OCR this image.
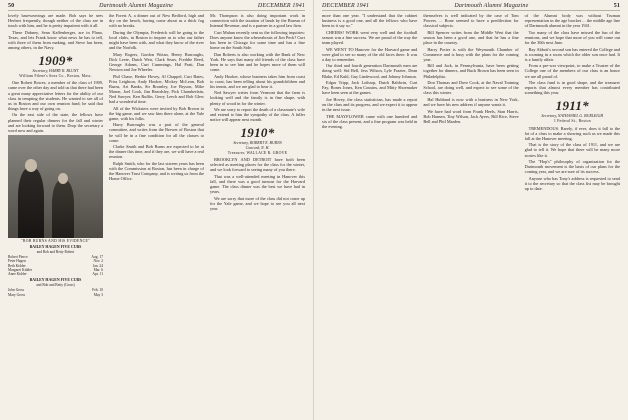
50	Dartmouth Alumni Magazine	DECEMBER 1941

lovely baseweavings are made. Bob says he sees Herbert frequently, though neither of the class are in touch with him, and he is pretty impatient with it all.

These Dabney, Sean Kaffenberger, are in Plano, Texas, and lets Frank know what news he has to tell, with three of them from making, and Steve has been, among others, in the Navy.

1909*
Secretary, HARRY R. BLUNT
William Filene's Sons Co., Boston, Mass.

One Robert Bowes, a member of the class of 1909, came over the other day and told us that there had been a great many appreciative letters for the ability of our class in tempting the students. He wanted to see all of us in Boston and our own reunion fund; he said that things have a way of going on.

On the east side of the state, the fellows have planned their regular dinners for the fall and winter and are looking forward to them. Drop the secretary a word now and again.

"BOB BURNS AND HIS EVIDENCE"
BAILEY HAGEN FIVE CUBS
and Bob and Betty Robert
Robert Pierce	Aug. 17
Peter Hagen	Nov. 2
Beth Kidder	Jan. 24
Margaret Kidder	Mar. 6
Anne Kidder	Apr. 11
BAILEY HAGEN FIVE CUBS
and Bob and Betty (Gross)
John Gross	Feb. 10
Mary Gross	May 3

the Forest A, a dinner out of New Bedford, high and dry on the beach, having come about as a thick fog with no breaks.

During the Olympia, Frederick will be going to the local clubs, in Boston to inquire as to who our father might have been with, and what they know of the river and the Norfolk.

Mary Rogers, Gordon Wotan, Henry Burroughs, Dick Leete, Dutch Weir, Clark Sears, Freddie Reed, George Adams, Curt Cummings, Hal Pratt, Dan Newton and Joe Wheeler.

Phil Chase, Herbie Hovey, Al Chappel, Curt Bates, Priss Leighton, Andy Hooker, Mickey McLean, Bob Burns, Art Banks, Sir Bromley, Joe Bryson, Mike Maron, Joel Cook, Jim Beardsley, Pick Chamberlain, Ned Sawyer, Ken Ruffin, Gerry Leech and Bob Glew had a wonderful time.

All of the Wicksters were invited by Bob Brown to the big game, and we saw him there alone, at the Yale game, with his folks.

Harry Burroughs was a part of the general committee, and writes from the Brewer of Boston that he will be in a fine condition for all the classes to come.

Clarke Smith and Bob Burns are expected to be at the dinner this time, and if they are, we will have a real reunion.

Ralph Smith, who for the last sixteen years has been with the Commission at Boston, has been in charge of the Hanover Trust Company, and is writing us from the Home Office.

Mr. Thompson is also doing important work in connection with the taxation of lands by the Bureau of Internal Revenue, and is a partner in a good law firm.

Curt Mahan recently sent us the following inquiries: Does anyone know the whereabouts of Jim Peck? Curt has been in Chicago for some time and has a fine home on the South Side.

Dan Roberts is also working with the Bank of New York. He says that many old friends of the class have been in to see him and he hopes more of them will come.

Andy Hooker, whose business takes him from coast to coast, has been telling about his grandchildren and his tennis, and we are glad to hear it.

Ned Sawyer writes from Vermont that the farm is looking well and the family is in fine shape, with plenty of wood in for the winter.

We are sorry to report the death of a classmate's wife and extend to him the sympathy of the class. A fuller notice will appear next month.

1910*
Secretary, ROBERT E. BURNS
Concord, N. H.
Treasurer, WALLACE R. GROVE

BROOKLYN AND DETROIT have both been selected as meeting places for the class for the winter, and we look forward to seeing many of you there.

That was a well-attended meeting in Hanover this fall, and there was a good turnout for the Harvard game. The class dinner was the best we have had in years.

We are sorry that more of the class did not come up for the Yale game, and we hope to see you all next year.

DECEMBER 1941	Dartmouth Alumni Magazine	51

more than one year. "I understand that the cabinet business is a good one, and all the fellows who have been in it say so."

CHEERS! WORK went very well and the football season was a fine success. We are proud of the way the team played.

WE WENT TO Hanover for the Harvard game and were glad to see so many of the old faces there. It was a day to remember.

Our third and fourth generation Dartmouth men are doing well: Sid Bell, Jess Wilson, Lyle Frazier, Dean Blake, Ed Kuhl, Guy Lindewood, and Johnny Johnson.

Edgar Tripp, Jack Lothrop, Dutch Baldwin, Curt Fay, Bones Jones, Ken Cousins, and Mitty Shoemaker have been seen at the games.

Joe Hovey, the class statistician, has made a report on the class and its progress, and we expect it to appear in the next issue.

THE MAYFLOWER came with one hundred and six of the class present, and a fine program was held in the evening.

themselves is well indicated by the case of Tom Powers. ... Bone seemed to have a predilection for classical subjects.

Bill Spencer writes from the Middle West that the season has been a good one, and that he has a fine place in the country.

Harry Porter is with the Weymouth Chamber of Commerce and is busy with the plans for the coming year.

Bill and Jack, in Pennsylvania, have been getting together for dinners, and Buck Brown has been seen in Philadelphia.

Don Thomas and Dave Cook, at the Naval Training School, are doing well, and expect to see some of the class this winter.

Hal Hubbard is now with a business in New York, and we have his new address if anyone wants it.

We have had word from Frank Heels, Stan Harris, Bob Hansen, Tiny Wilson, Jack Ayers, Bill Rice, Steve Bell and Phil Marden.

of the Alumni body was without Truman representation in the age bracket ... the middle age line of Dartmouth alumni in the year 1941.

Too many of the class have missed the fun of the reunions, and we hope that more of you will come out for the 30th next June.

Ray Abbott's second son has entered the College and is rooming in a room which the older son once had. It is a family affair.

From a pre-war viewpoint, to make a Trustee of the College one of the members of our class is an honor we are all proud of.

The class fund is in good shape, and the treasurer reports that almost every member has contributed something this year.

1911*
Secretary, NATHANIEL G. BURLEIGH
1 Federal St., Boston

TREMENDOUS. Rarely, if ever, does it fall to the lot of a class to make a showing such as we made this fall at the Hanover meeting.

That is the story of the class of 1911, and we are glad to tell it. We hope that there will be many more stories like it.

The "Hop's" philosophy of organization for the Dartmouth movement is the basis of our plans for the coming year, and we are sure of its success.

Anyone who has Tony's address is requested to send it to the secretary so that the class list may be brought up to date.
